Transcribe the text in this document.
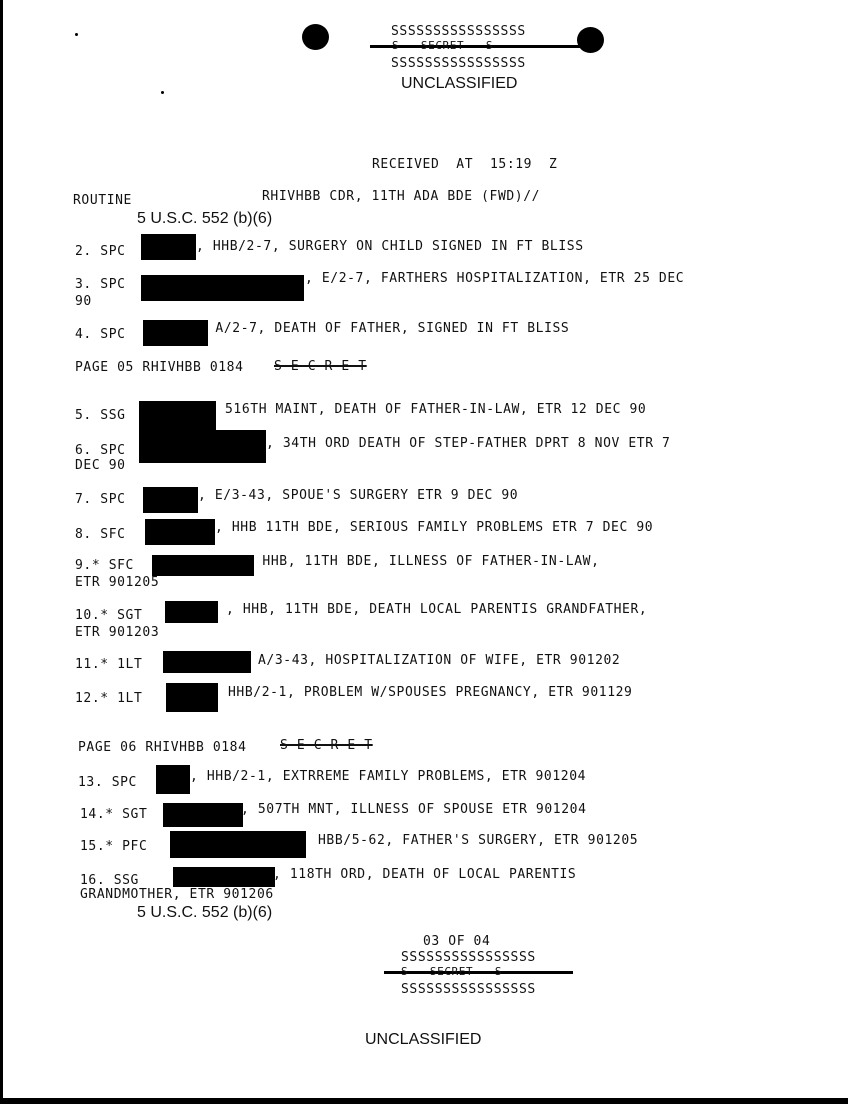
SSSSSSSSSSSSSSSS
S   SECRET   S
SSSSSSSSSSSSSSSS
UNCLASSIFIED
RECEIVED  AT  15:19  Z
ROUTINE	RHIVHBB CDR, 11TH ADA BDE (FWD)//
5 U.S.C. 552 (b)(6)
2. SPC	, HHB/2-7, SURGERY ON CHILD SIGNED IN FT BLISS
3. SPC	, E/2-7, FARTHERS HOSPITALIZATION, ETR 25 DEC
90
4. SPC	A/2-7, DEATH OF FATHER, SIGNED IN FT BLISS
PAGE 05 RHIVHBB 0184 S E C R E T
5. SSG	516TH MAINT, DEATH OF FATHER-IN-LAW, ETR 12 DEC 90
6. SPC	, 34TH ORD DEATH OF STEP-FATHER DPRT 8 NOV ETR 7
DEC 90
7. SPC	, E/3-43, SPOUE'S SURGERY ETR 9 DEC 90
8. SFC	, HHB 11TH BDE, SERIOUS FAMILY PROBLEMS ETR 7 DEC 90
9.* SFC	HHB, 11TH BDE, ILLNESS OF FATHER-IN-LAW,
ETR 901205
10.* SGT	, HHB, 11TH BDE, DEATH LOCAL PARENTIS GRANDFATHER,
ETR 901203
11.* 1LT	A/3-43, HOSPITALIZATION OF WIFE, ETR 901202
12.* 1LT	HHB/2-1, PROBLEM W/SPOUSES PREGNANCY, ETR 901129
PAGE 06 RHIVHBB 0184	S E C R E T
13. SPC	, HHB/2-1, EXTRREME FAMILY PROBLEMS, ETR 901204
14.* SGT	, 507TH MNT, ILLNESS OF SPOUSE ETR 901204
15.* PFC	HBB/5-62, FATHER'S SURGERY, ETR 901205
16. SSG	, 118TH ORD, DEATH OF LOCAL PARENTIS
GRANDMOTHER, ETR 901206
5 U.S.C. 552 (b)(6)
03 OF 04
SSSSSSSSSSSSSSSS
S   SECRET   S
SSSSSSSSSSSSSSSS
UNCLASSIFIED
